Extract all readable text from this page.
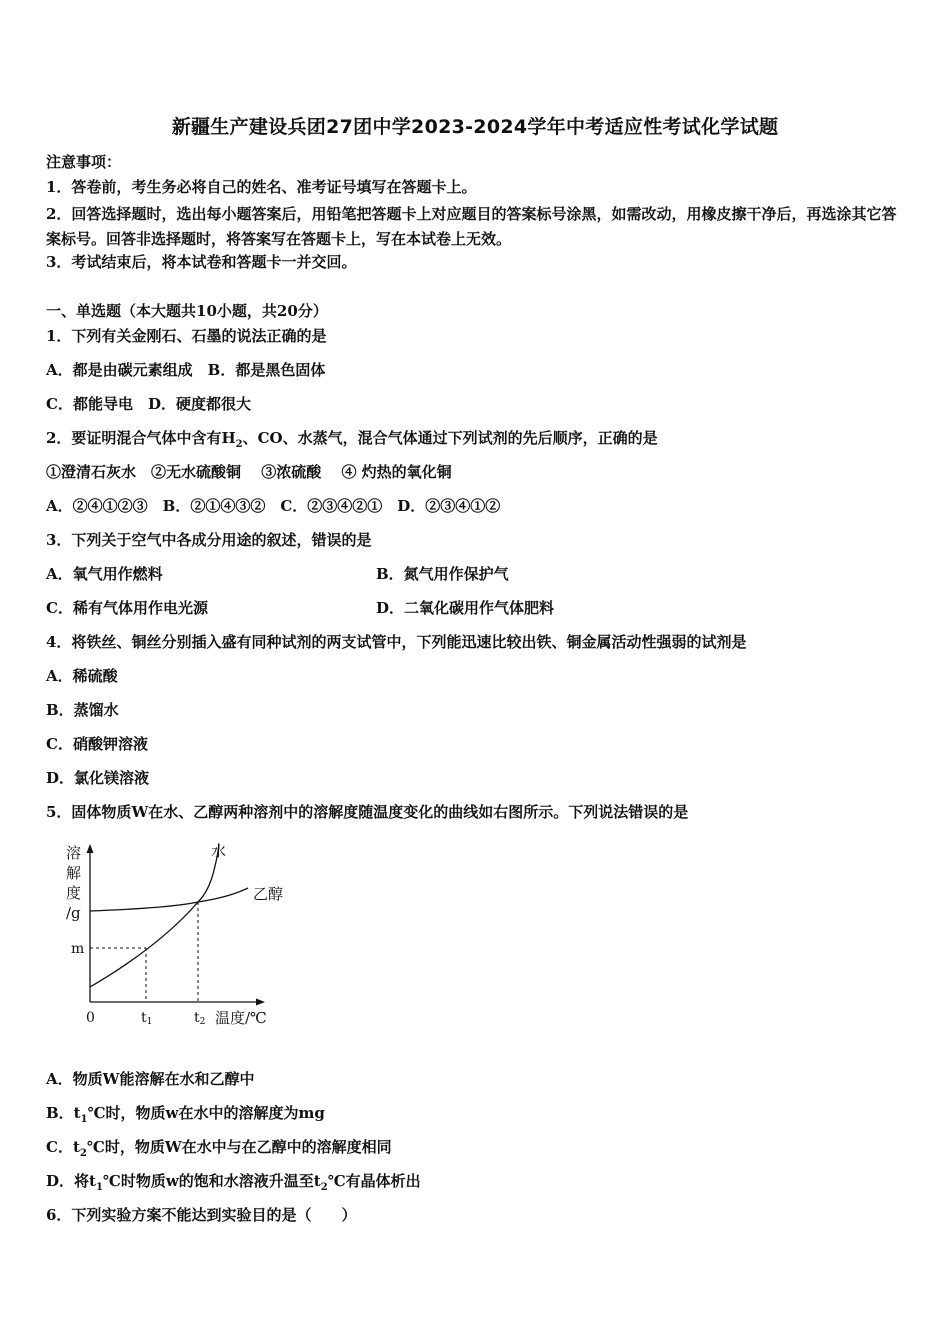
新疆生产建设兵团27团中学2023-2024学年中考适应性考试化学试题
注意事项：
1．答卷前，考生务必将自己的姓名、准考证号填写在答题卡上。
2．回答选择题时，选出每小题答案后，用铅笔把答题卡上对应题目的答案标号涂黑，如需改动，用橡皮擦干净后，再选涂其它答案标号。回答非选择题时，将答案写在答题卡上，写在本试卷上无效。
3．考试结束后，将本试卷和答题卡一并交回。
一、单选题（本大题共10小题，共20分）
1．下列有关金刚石、石墨的说法正确的是
A．都是由碳元素组成　B．都是黑色固体
C．都能导电　D．硬度都很大
2．要证明混合气体中含有$H_2$、CO、水蒸气，混合气体通过下列试剂的先后顺序，正确的是
①澄清石灰水　②无水硫酸铜　 ③浓硫酸　 ④ 灼热的氧化铜
A．②④①②③　B．②①④③②　C．②③④②①　D．②③④①②
3．下列关于空气中各成分用途的叙述，错误的是
A．氧气用作燃料	B．氮气用作保护气
C．稀有气体用作电光源	D．二氧化碳用作气体肥料
4．将铁丝、铜丝分别插入盛有同种试剂的两支试管中，下列能迅速比较出铁、铜金属活动性强弱的试剂是
A．稀硫酸
B．蒸馏水
C．硝酸钾溶液
D．氯化镁溶液
5．固体物质W在水、乙醇两种溶剂中的溶解度随温度变化的曲线如右图所示。下列说法错误的是
溶
解
度
/g
m
水
乙醇
0	t1	t2 温度/℃
A．物质W能溶解在水和乙醇中
B．$t_1℃$时，物质w在水中的溶解度为mg
C．$t_2℃$时，物质W在水中与在乙醇中的溶解度相同
D．将$t_1℃$时物质w的饱和水溶液升温至$t_2℃$有晶体析出
6．下列实验方案不能达到实验目的是（　　）
